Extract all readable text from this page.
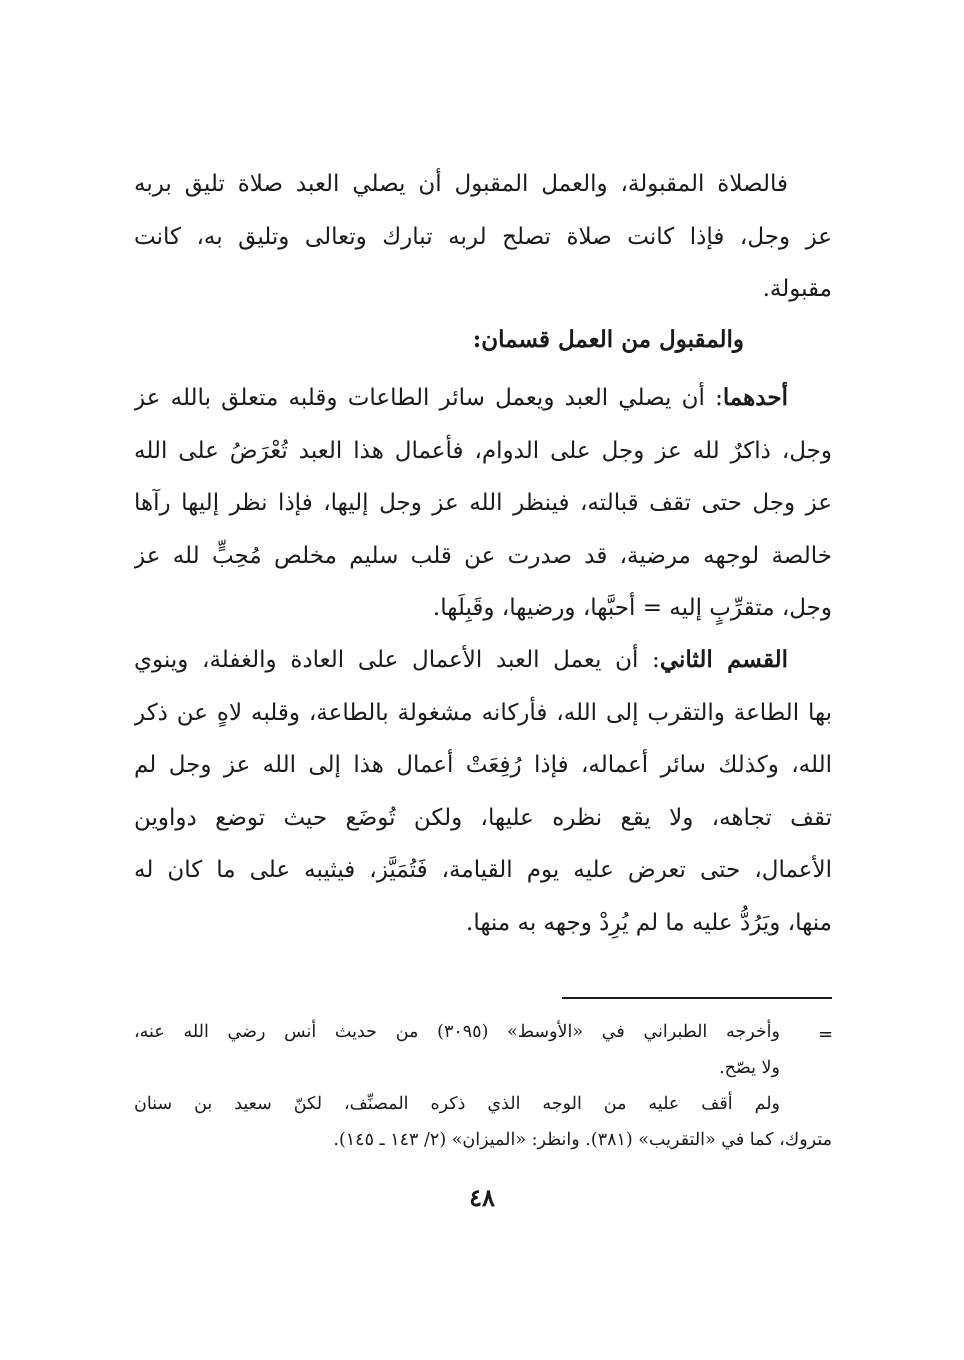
فالصلاة المقبولة، والعمل المقبول أن يصلي العبد صلاة تليق بربه
عز وجل، فإذا كانت صلاة تصلح لربه تبارك وتعالى وتليق به، كانت
مقبولة.

والمقبول من العمل قسمان:

أحدهما: أن يصلي العبد ويعمل سائر الطاعات وقلبه متعلق بالله عز
وجل، ذاكرٌ لله عز وجل على الدوام، فأعمال هذا العبد تُعْرَضُ على الله
عز وجل حتى تقف قبالته، فينظر الله عز وجل إليها، فإذا نظر إليها رآها
خالصة لوجهه مرضية، قد صدرت عن قلب سليم مخلص مُحِبٍّ لله عز
وجل، متقرِّبٍ إليه = أحبَّها، ورضيها، وقَبِلَها.

القسم الثاني: أن يعمل العبد الأعمال على العادة والغفلة، وينوي
بها الطاعة والتقرب إلى الله، فأركانه مشغولة بالطاعة، وقلبه لاهٍ عن ذكر
الله، وكذلك سائر أعماله، فإذا رُفِعَتْ أعمال هذا إلى الله عز وجل لم
تقف تجاهه، ولا يقع نظره عليها، ولكن تُوضَع حيث توضع دواوين
الأعمال، حتى تعرض عليه يوم القيامة، فَتُمَيَّز، فيثيبه على ما كان له
منها، ويَرُدُّ عليه ما لم يُرِدْ وجهه به منها.

=
وأخرجه الطبراني في «الأوسط» (٣٠٩٥) من حديث أنس رضي الله عنه،
ولا يصّح.
ولم أقف عليه من الوجه الذي ذكره المصنِّف، لكنّ سعيد بن سنان
متروك، كما في «التقريب» (٣٨١). وانظر: «الميزان» (٢/ ١٤٣ ـ ١٤٥).
٤٨
